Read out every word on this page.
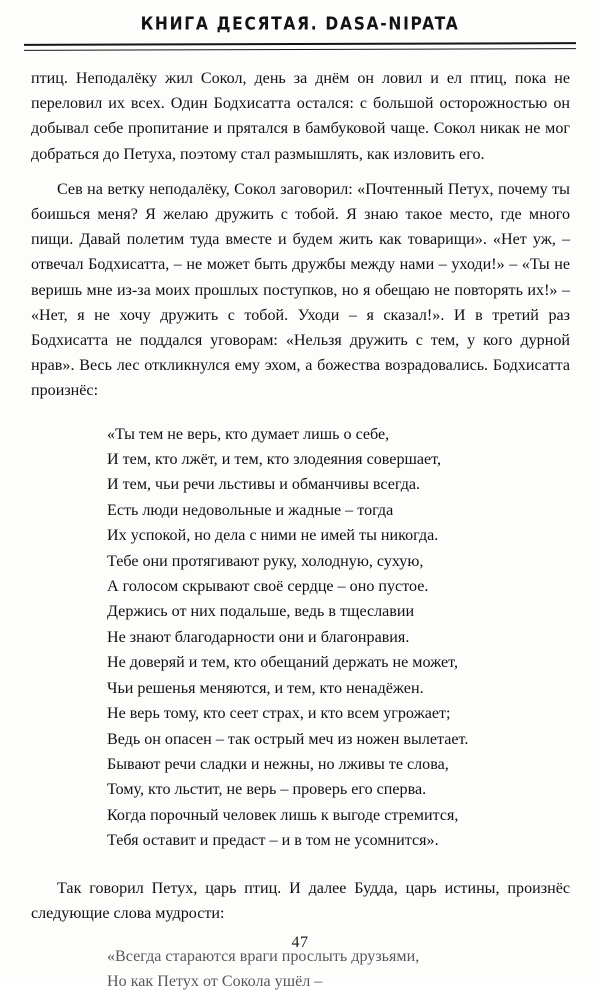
КНИГА ДЕСЯТАЯ. DASA-NIPATA

птиц. Неподалёку жил Сокол, день за днём он ловил и ел птиц, пока не переловил их всех. Один Бодхисатта остался: с большой осторожностью он добывал себе пропитание и прятался в бамбуковой чаще. Сокол никак не мог добраться до Петуха, поэтому стал размышлять, как изловить его.

Сев на ветку неподалёку, Сокол заговорил: «Почтенный Петух, почему ты боишься меня? Я желаю дружить с тобой. Я знаю такое место, где много пищи. Давай полетим туда вместе и будем жить как товарищи». «Нет уж, – отвечал Бодхисатта, – не может быть дружбы между нами – уходи!» – «Ты не веришь мне из-за моих прошлых поступков, но я обещаю не повторять их!» – «Нет, я не хочу дружить с тобой. Уходи – я сказал!». И в третий раз Бодхисатта не поддался уговорам: «Нельзя дружить с тем, у кого дурной нрав». Весь лес откликнулся ему эхом, а божества возрадовались. Бодхисатта произнёс:

«Ты тем не верь, кто думает лишь о себе,
И тем, кто лжёт, и тем, кто злодеяния совершает,
И тем, чьи речи льстивы и обманчивы всегда.
Есть люди недовольные и жадные – тогда
Их успокой, но дела с ними не имей ты никогда.
Тебе они протягивают руку, холодную, сухую,
А голосом скрывают своё сердце – оно пустое.
Держись от них подальше, ведь в тщеславии
Не знают благодарности они и благонравия.
Не доверяй и тем, кто обещаний держать не может,
Чьи решенья меняются, и тем, кто ненадёжен.
Не верь тому, кто сеет страх, и кто всем угрожает;
Ведь он опасен – так острый меч из ножен вылетает.
Бывают речи сладки и нежны, но лживы те слова,
Тому, кто льстит, не верь – проверь его сперва.
Когда порочный человек лишь к выгоде стремится,
Тебя оставит и предаст – и в том не усомнится».

Так говорил Петух, царь птиц. И далее Будда, царь истины, произнёс следующие слова мудрости:

«Всегда стараются враги прослыть друзьями,
Но как Петух от Сокола ушёл –
47
